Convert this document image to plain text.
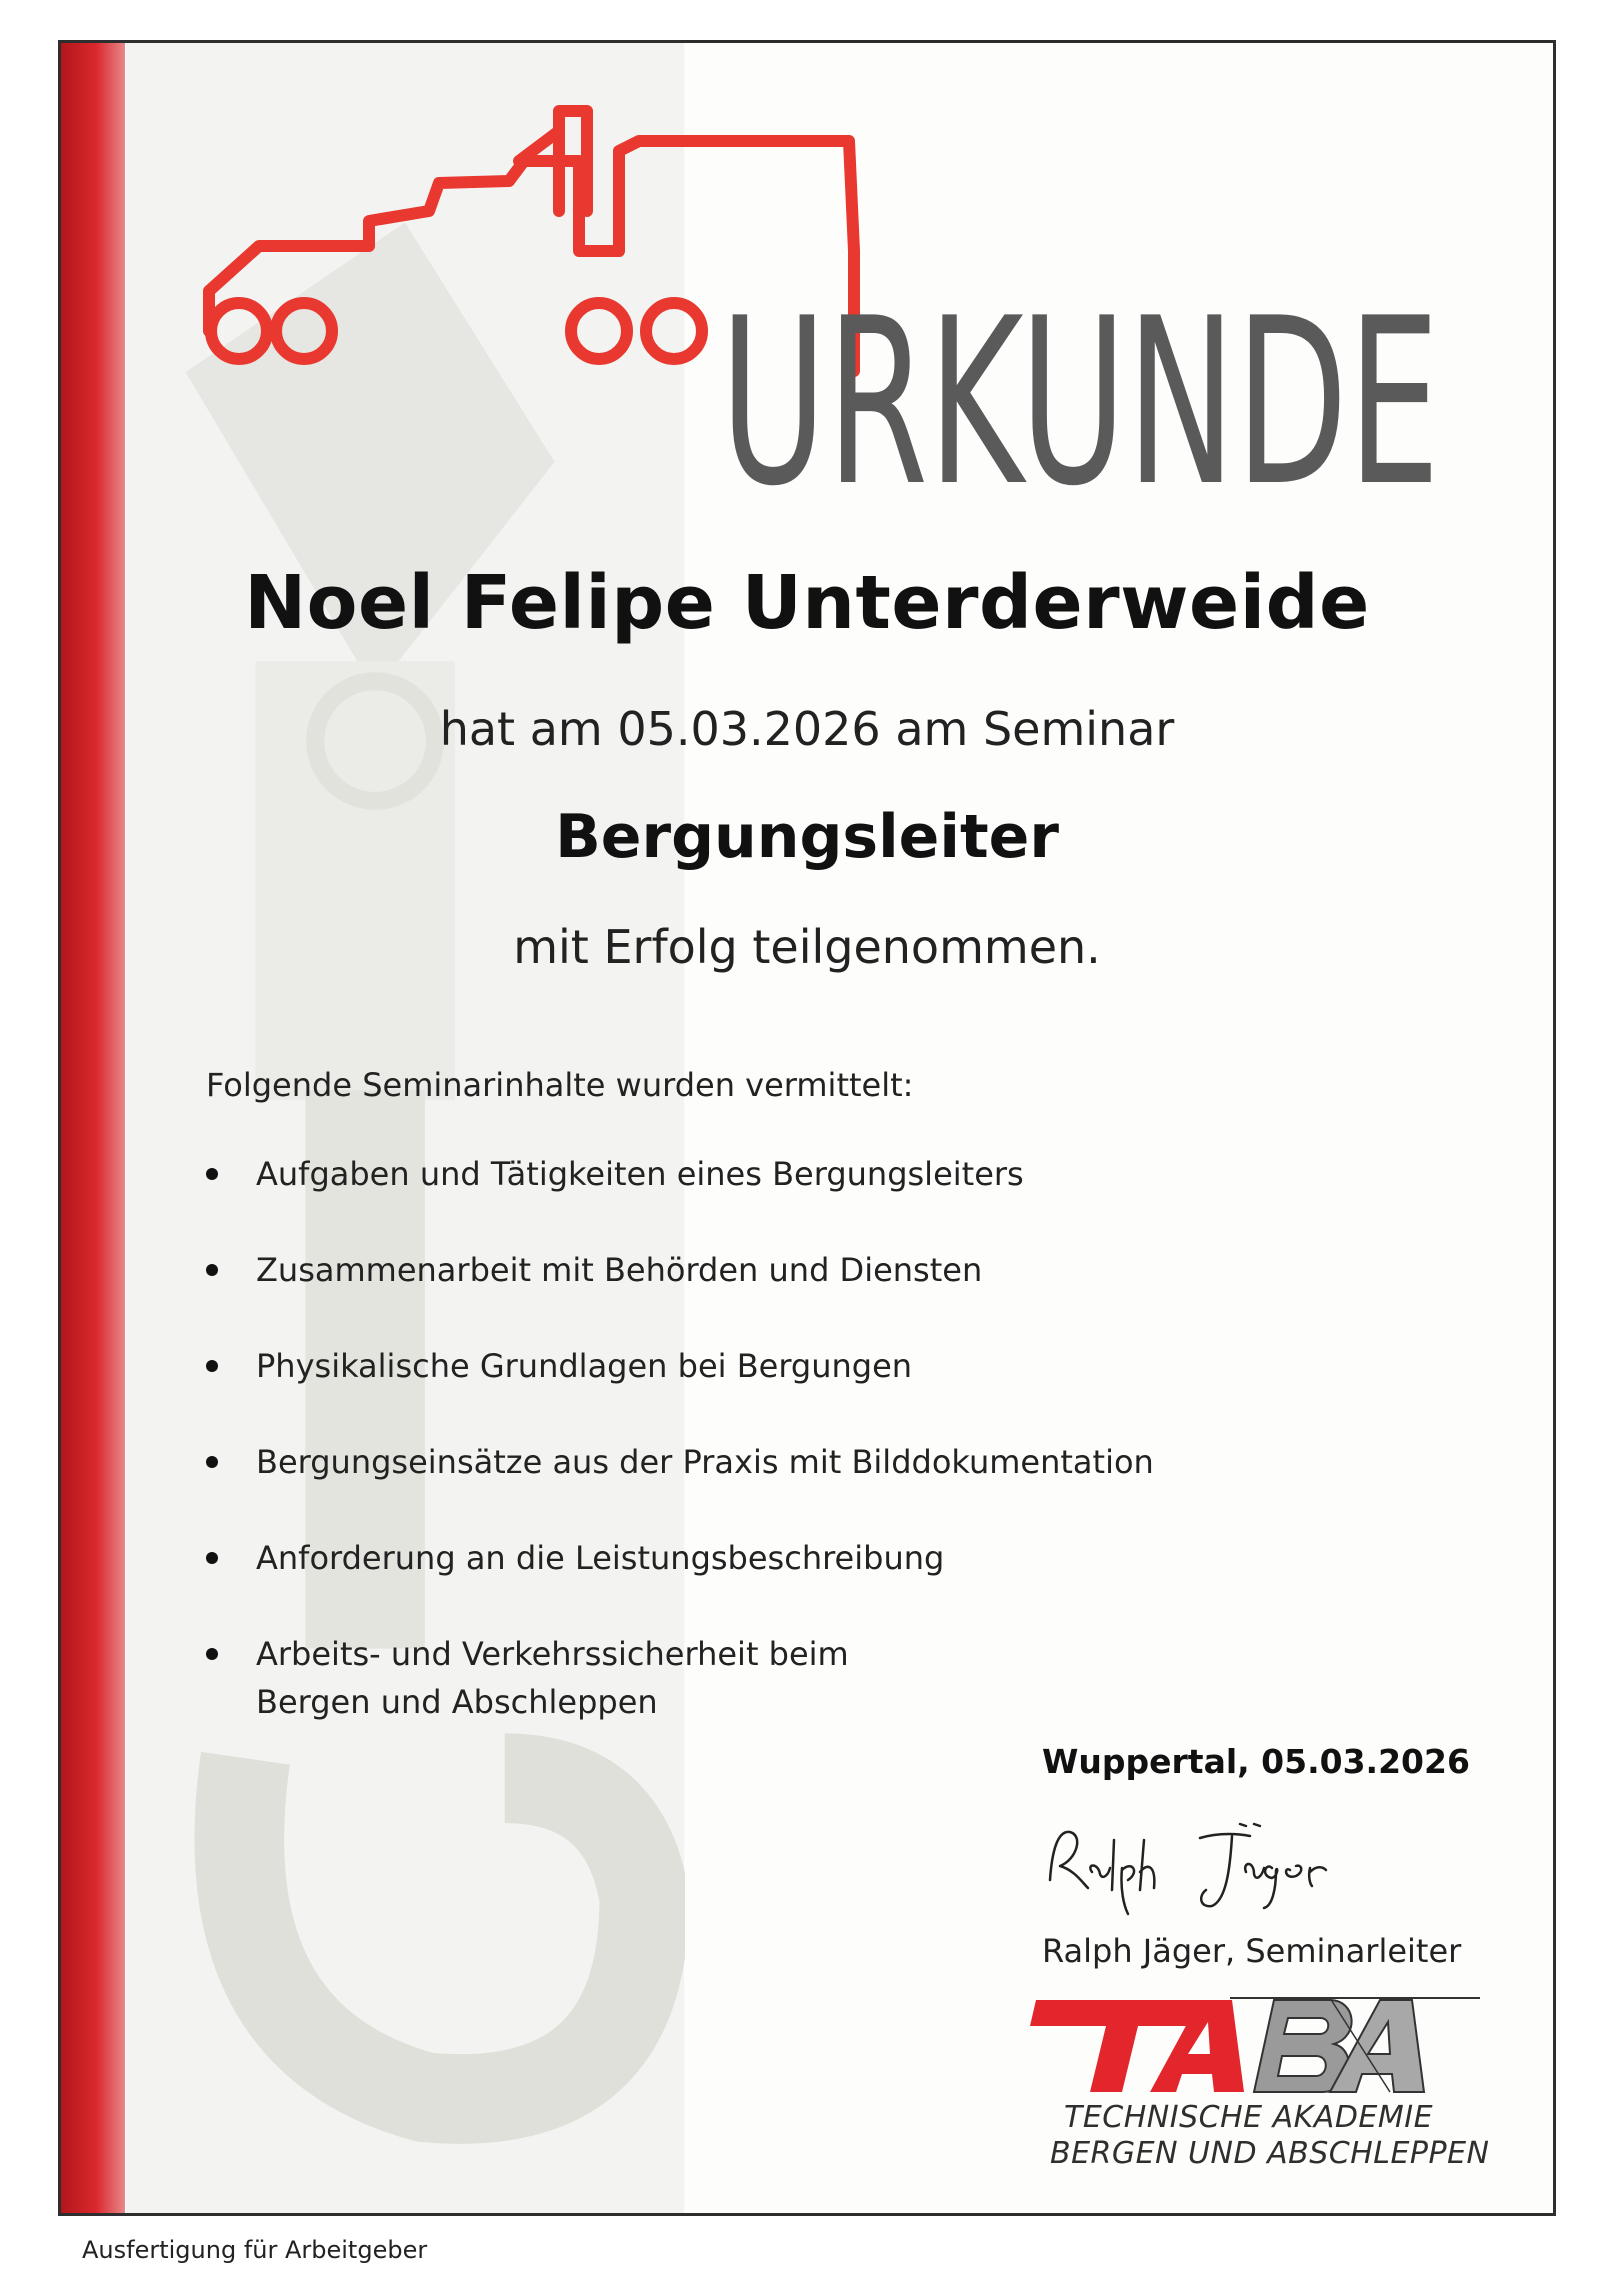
URKUNDE
Noel Felipe Unterderweide
hat am 05.03.2026 am Seminar
Bergungsleiter
mit Erfolg teilgenommen.
Folgende Seminarinhalte wurden vermittelt:
Aufgaben und Tätigkeiten eines Bergungsleiters
Zusammenarbeit mit Behörden und Diensten
Physikalische Grundlagen bei Bergungen
Bergungseinsätze aus der Praxis mit Bilddokumentation
Anforderung an die Leistungsbeschreibung
Arbeits- und Verkehrssicherheit beim
Bergen und Abschleppen
Wuppertal, 05.03.2026
Ralph Jäger, Seminarleiter
TECHNISCHE AKADEMIE
BERGEN UND ABSCHLEPPEN
Ausfertigung für Arbeitgeber
